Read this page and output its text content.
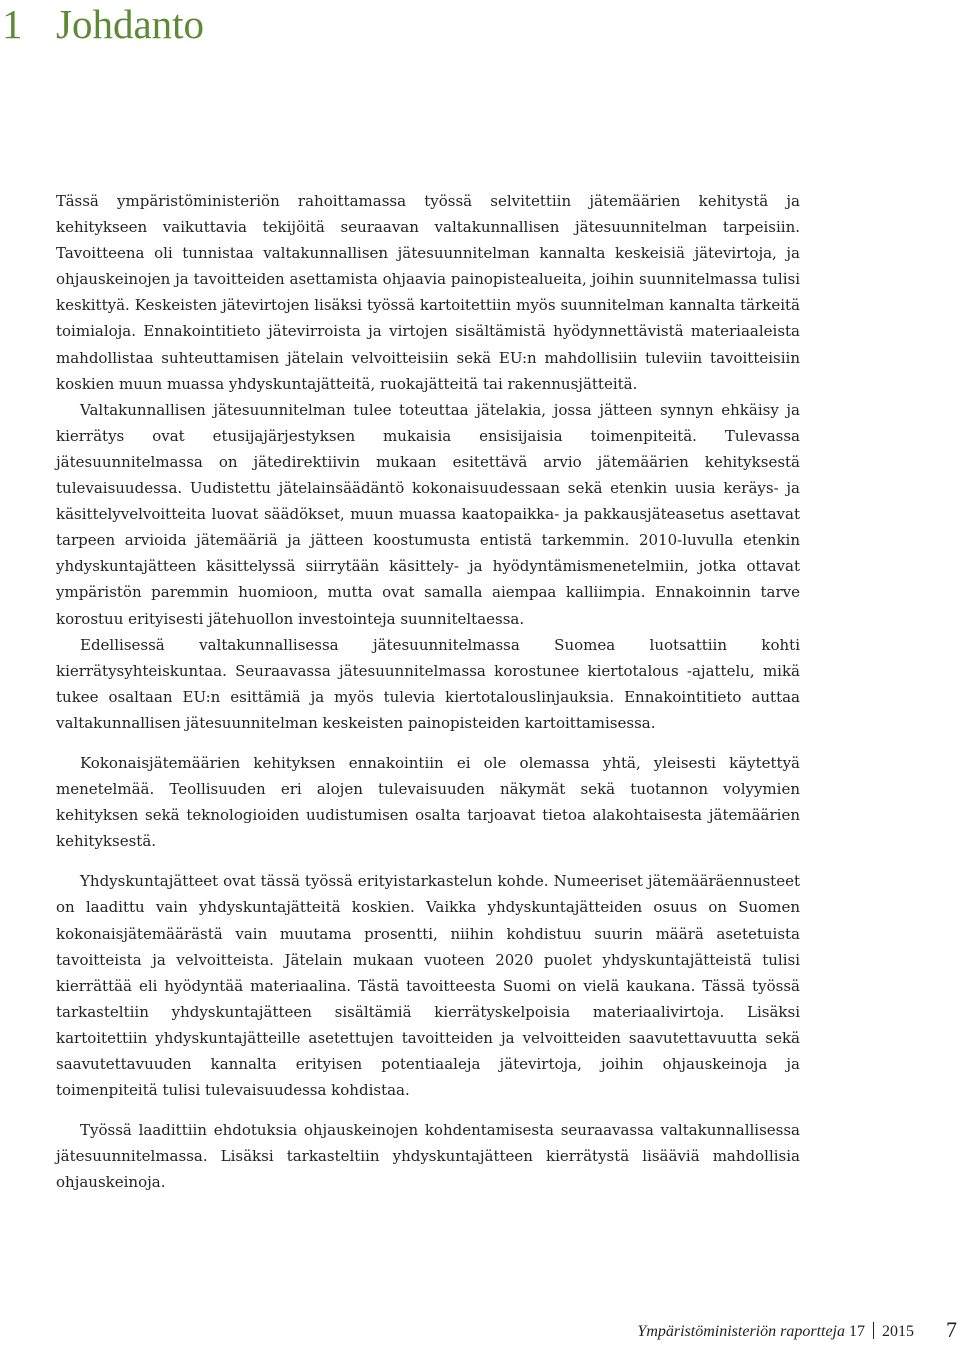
1 Johdanto

Tässä ympäristöministeriön rahoittamassa työssä selvitettiin jätemäärien kehitystä ja kehitykseen vaikuttavia tekijöitä seuraavan valtakunnallisen jätesuunnitelman tarpeisiin. Tavoitteena oli tunnistaa valtakunnallisen jätesuunnitelman kannalta keskeisiä jätevirtoja, ja ohjauskeinojen ja tavoitteiden asettamista ohjaavia painopistealueita, joihin suunnitelmassa tulisi keskittyä. Keskeisten jätevirtojen lisäksi työssä kartoitettiin myös suunnitelman kannalta tärkeitä toimialoja. Ennakointitieto jätevirroista ja virtojen sisältämistä hyödynnettävistä materiaaleista mahdollistaa suhteuttamisen jätelain velvoitteisiin sekä EU:n mahdollisiin tuleviin tavoitteisiin koskien muun muassa yhdyskuntajätteitä, ruokajätteitä tai rakennusjätteitä.

Valtakunnallisen jätesuunnitelman tulee toteuttaa jätelakia, jossa jätteen synnyn ehkäisy ja kierrätys ovat etusijajärjestyksen mukaisia ensisijaisia toimenpiteitä. Tulevassa jätesuunnitelmassa on jätedirektiivin mukaan esitettävä arvio jätemäärien kehityksestä tulevaisuudessa. Uudistettu jätelainsäädäntö kokonaisuudessaan sekä etenkin uusia keräys- ja käsittelyvelvoitteita luovat säädökset, muun muassa kaatopaikka- ja pakkausjäteasetus asettavat tarpeen arvioida jätemääriä ja jätteen koostumusta entistä tarkemmin. 2010-luvulla etenkin yhdyskuntajätteen käsittelyssä siirrytään käsittely- ja hyödyntämismenetelmiin, jotka ottavat ympäristön paremmin huomioon, mutta ovat samalla aiempaa kalliimpia. Ennakoinnin tarve korostuu erityisesti jätehuollon investointeja suunniteltaessa.

Edellisessä valtakunnallisessa jätesuunnitelmassa Suomea luotsattiin kohti kierrätysyhteiskuntaa. Seuraavassa jätesuunnitelmassa korostunee kiertotalous -ajattelu, mikä tukee osaltaan EU:n esittämiä ja myös tulevia kiertotalouslinjauksia. Ennakointitieto auttaa valtakunnallisen jätesuunnitelman keskeisten painopisteiden kartoittamisessa.

Kokonaisjätemäärien kehityksen ennakointiin ei ole olemassa yhtä, yleisesti käytettyä menetelmää. Teollisuuden eri alojen tulevaisuuden näkymät sekä tuotannon volyymien kehityksen sekä teknologioiden uudistumisen osalta tarjoavat tietoa alakohtaisesta jätemäärien kehityksestä.

Yhdyskuntajätteet ovat tässä työssä erityistarkastelun kohde. Numeeriset jätemääräennusteet on laadittu vain yhdyskuntajätteitä koskien. Vaikka yhdyskuntajätteiden osuus on Suomen kokonaisjätemäärästä vain muutama prosentti, niihin kohdistuu suurin määrä asetetuista tavoitteista ja velvoitteista. Jätelain mukaan vuoteen 2020 puolet yhdyskuntajätteistä tulisi kierrättää eli hyödyntää materiaalina. Tästä tavoitteesta Suomi on vielä kaukana. Tässä työssä tarkasteltiin yhdyskuntajätteen sisältämiä kierrätyskelpoisia materiaalivirtoja. Lisäksi kartoitettiin yhdyskuntajätteille asetettujen tavoitteiden ja velvoitteiden saavutettavuutta sekä saavutettavuuden kannalta erityisen potentiaaleja jätevirtoja, joihin ohjauskeinoja ja toimenpiteitä tulisi tulevaisuudessa kohdistaa.

Työssä laadittiin ehdotuksia ohjauskeinojen kohdentamisesta seuraavassa valtakunnallisessa jätesuunnitelmassa. Lisäksi tarkasteltiin yhdyskuntajätteen kierrätystä lisääviä mahdollisia ohjauskeinoja.

Ympäristöministeriön raportteja 17 2015 7
